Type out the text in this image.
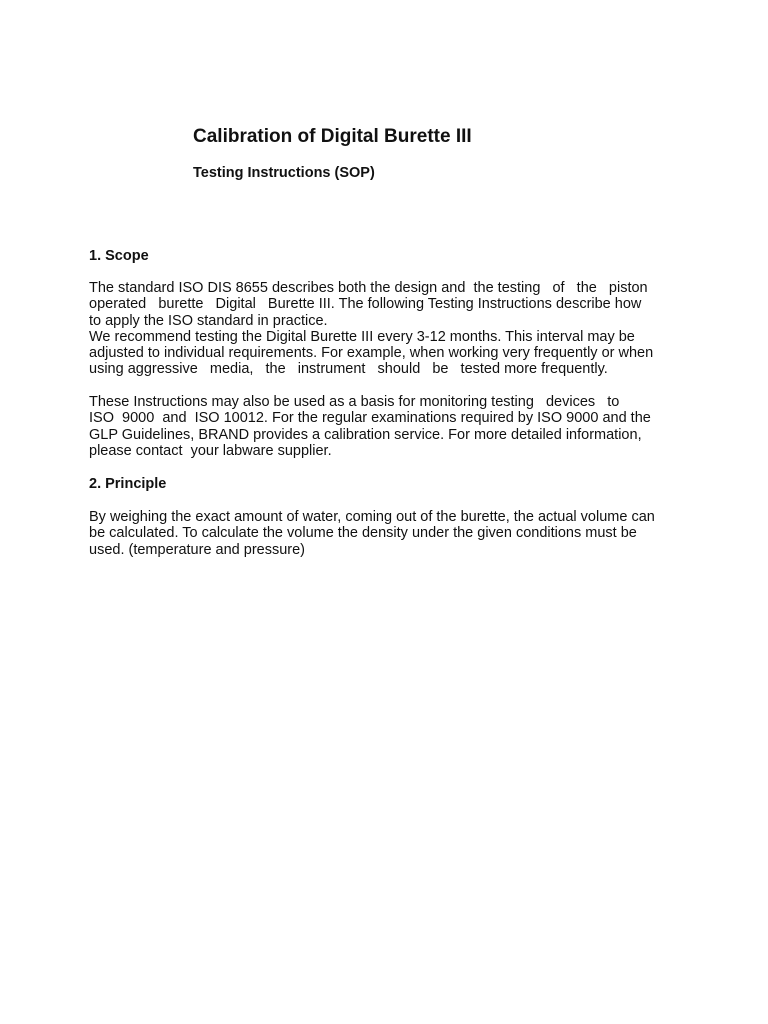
Calibration of Digital Burette III
Testing Instructions (SOP)
1. Scope

The standard ISO DIS 8655 describes both the design and  the testing   of   the   piston
operated   burette   Digital   Burette III. The following Testing Instructions describe how
to apply the ISO standard in practice.
We recommend testing the Digital Burette III every 3-12 months. This interval may be
adjusted to individual requirements. For example, when working very frequently or when
using aggressive   media,   the   instrument   should   be   tested more frequently.

These Instructions may also be used as a basis for monitoring testing   devices   to
ISO  9000  and  ISO 10012. For the regular examinations required by ISO 9000 and the
GLP Guidelines, BRAND provides a calibration service. For more detailed information,
please contact  your labware supplier.

2. Principle

By weighing the exact amount of water, coming out of the burette, the actual volume can
be calculated. To calculate the volume the density under the given conditions must be
used. (temperature and pressure)
